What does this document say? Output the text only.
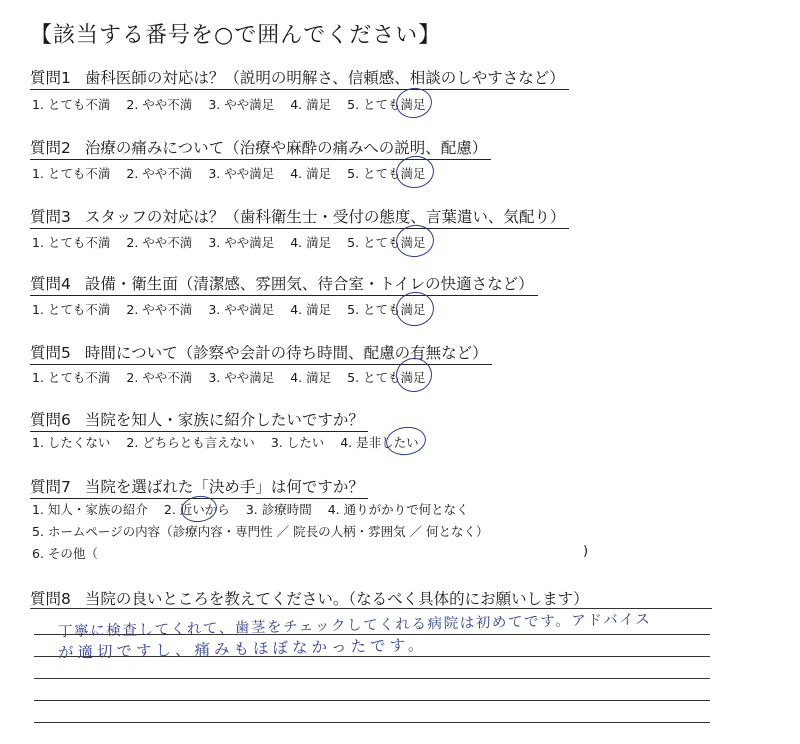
【該当する番号を○で囲んでください】
質問1 歯科医師の対応は？（説明の明解さ、信頼感、相談のしやすさなど）
1. とても不満 2. やや不満 3. やや満足 4. 満足 5. とても満足
質問2 治療の痛みについて（治療や麻酔の痛みへの説明、配慮）
1. とても不満 2. やや不満 3. やや満足 4. 満足 5. とても満足
質問3 スタッフの対応は？（歯科衛生士・受付の態度、言葉遣い、気配り）
1. とても不満 2. やや不満 3. やや満足 4. 満足 5. とても満足
質問4 設備・衛生面（清潔感、雰囲気、待合室・トイレの快適さなど）
1. とても不満 2. やや不満 3. やや満足 4. 満足 5. とても満足
質問5 時間について（診察や会計の待ち時間、配慮の有無など）
1. とても不満 2. やや不満 3. やや満足 4. 満足 5. とても満足
質問6 当院を知人・家族に紹介したいですか？
1. したくない 2. どちらとも言えない 3. したい 4. 是非したい
質問7 当院を選ばれた「決め手」は何ですか？
1. 知人・家族の紹介 2. 近いから 3. 診療時間 4. 通りがかりで何となく
5. ホームページの内容（診療内容・専門性 ／ 院長の人柄・雰囲気 ／ 何となく）
6. その他（	)
質問8 当院の良いところを教えてください。（なるべく具体的にお願いします）
丁寧に検査してくれて、歯茎をチェックしてくれる病院は初めてです。アドバイス
が適切ですし、痛みもほぼなかったです。
